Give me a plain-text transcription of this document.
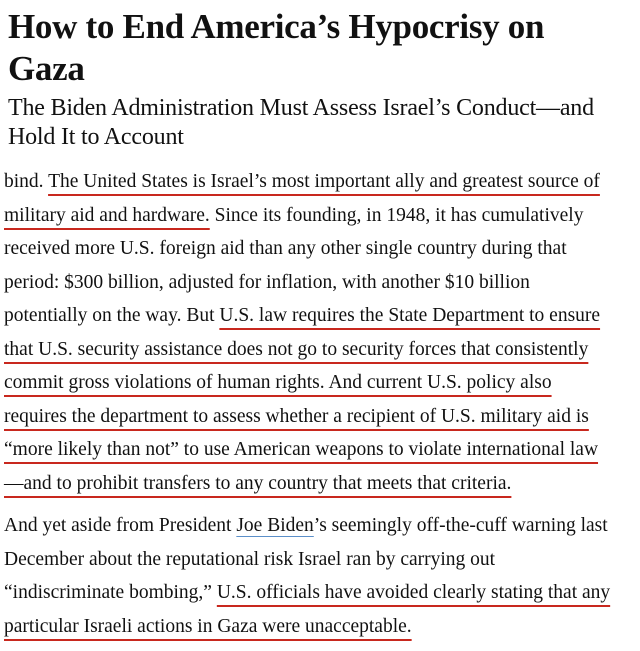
How to End America’s Hypocrisy on Gaza
The Biden Administration Must Assess Israel’s Conduct—and Hold It to Account
bind. The United States is Israel’s most important ally and greatest source of
military aid and hardware. Since its founding, in 1948, it has cumulatively
received more U.S. foreign aid than any other single country during that
period: $300 billion, adjusted for inflation, with another $10 billion
potentially on the way. But U.S. law requires the State Department to ensure
that U.S. security assistance does not go to security forces that consistently
commit gross violations of human rights. And current U.S. policy also
requires the department to assess whether a recipient of U.S. military aid is
“more likely than not” to use American weapons to violate international law
—and to prohibit transfers to any country that meets that criteria.
And yet aside from President Joe Biden’s seemingly off-the-cuff warning last
December about the reputational risk Israel ran by carrying out
“indiscriminate bombing,” U.S. officials have avoided clearly stating that any
particular Israeli actions in Gaza were unacceptable.
